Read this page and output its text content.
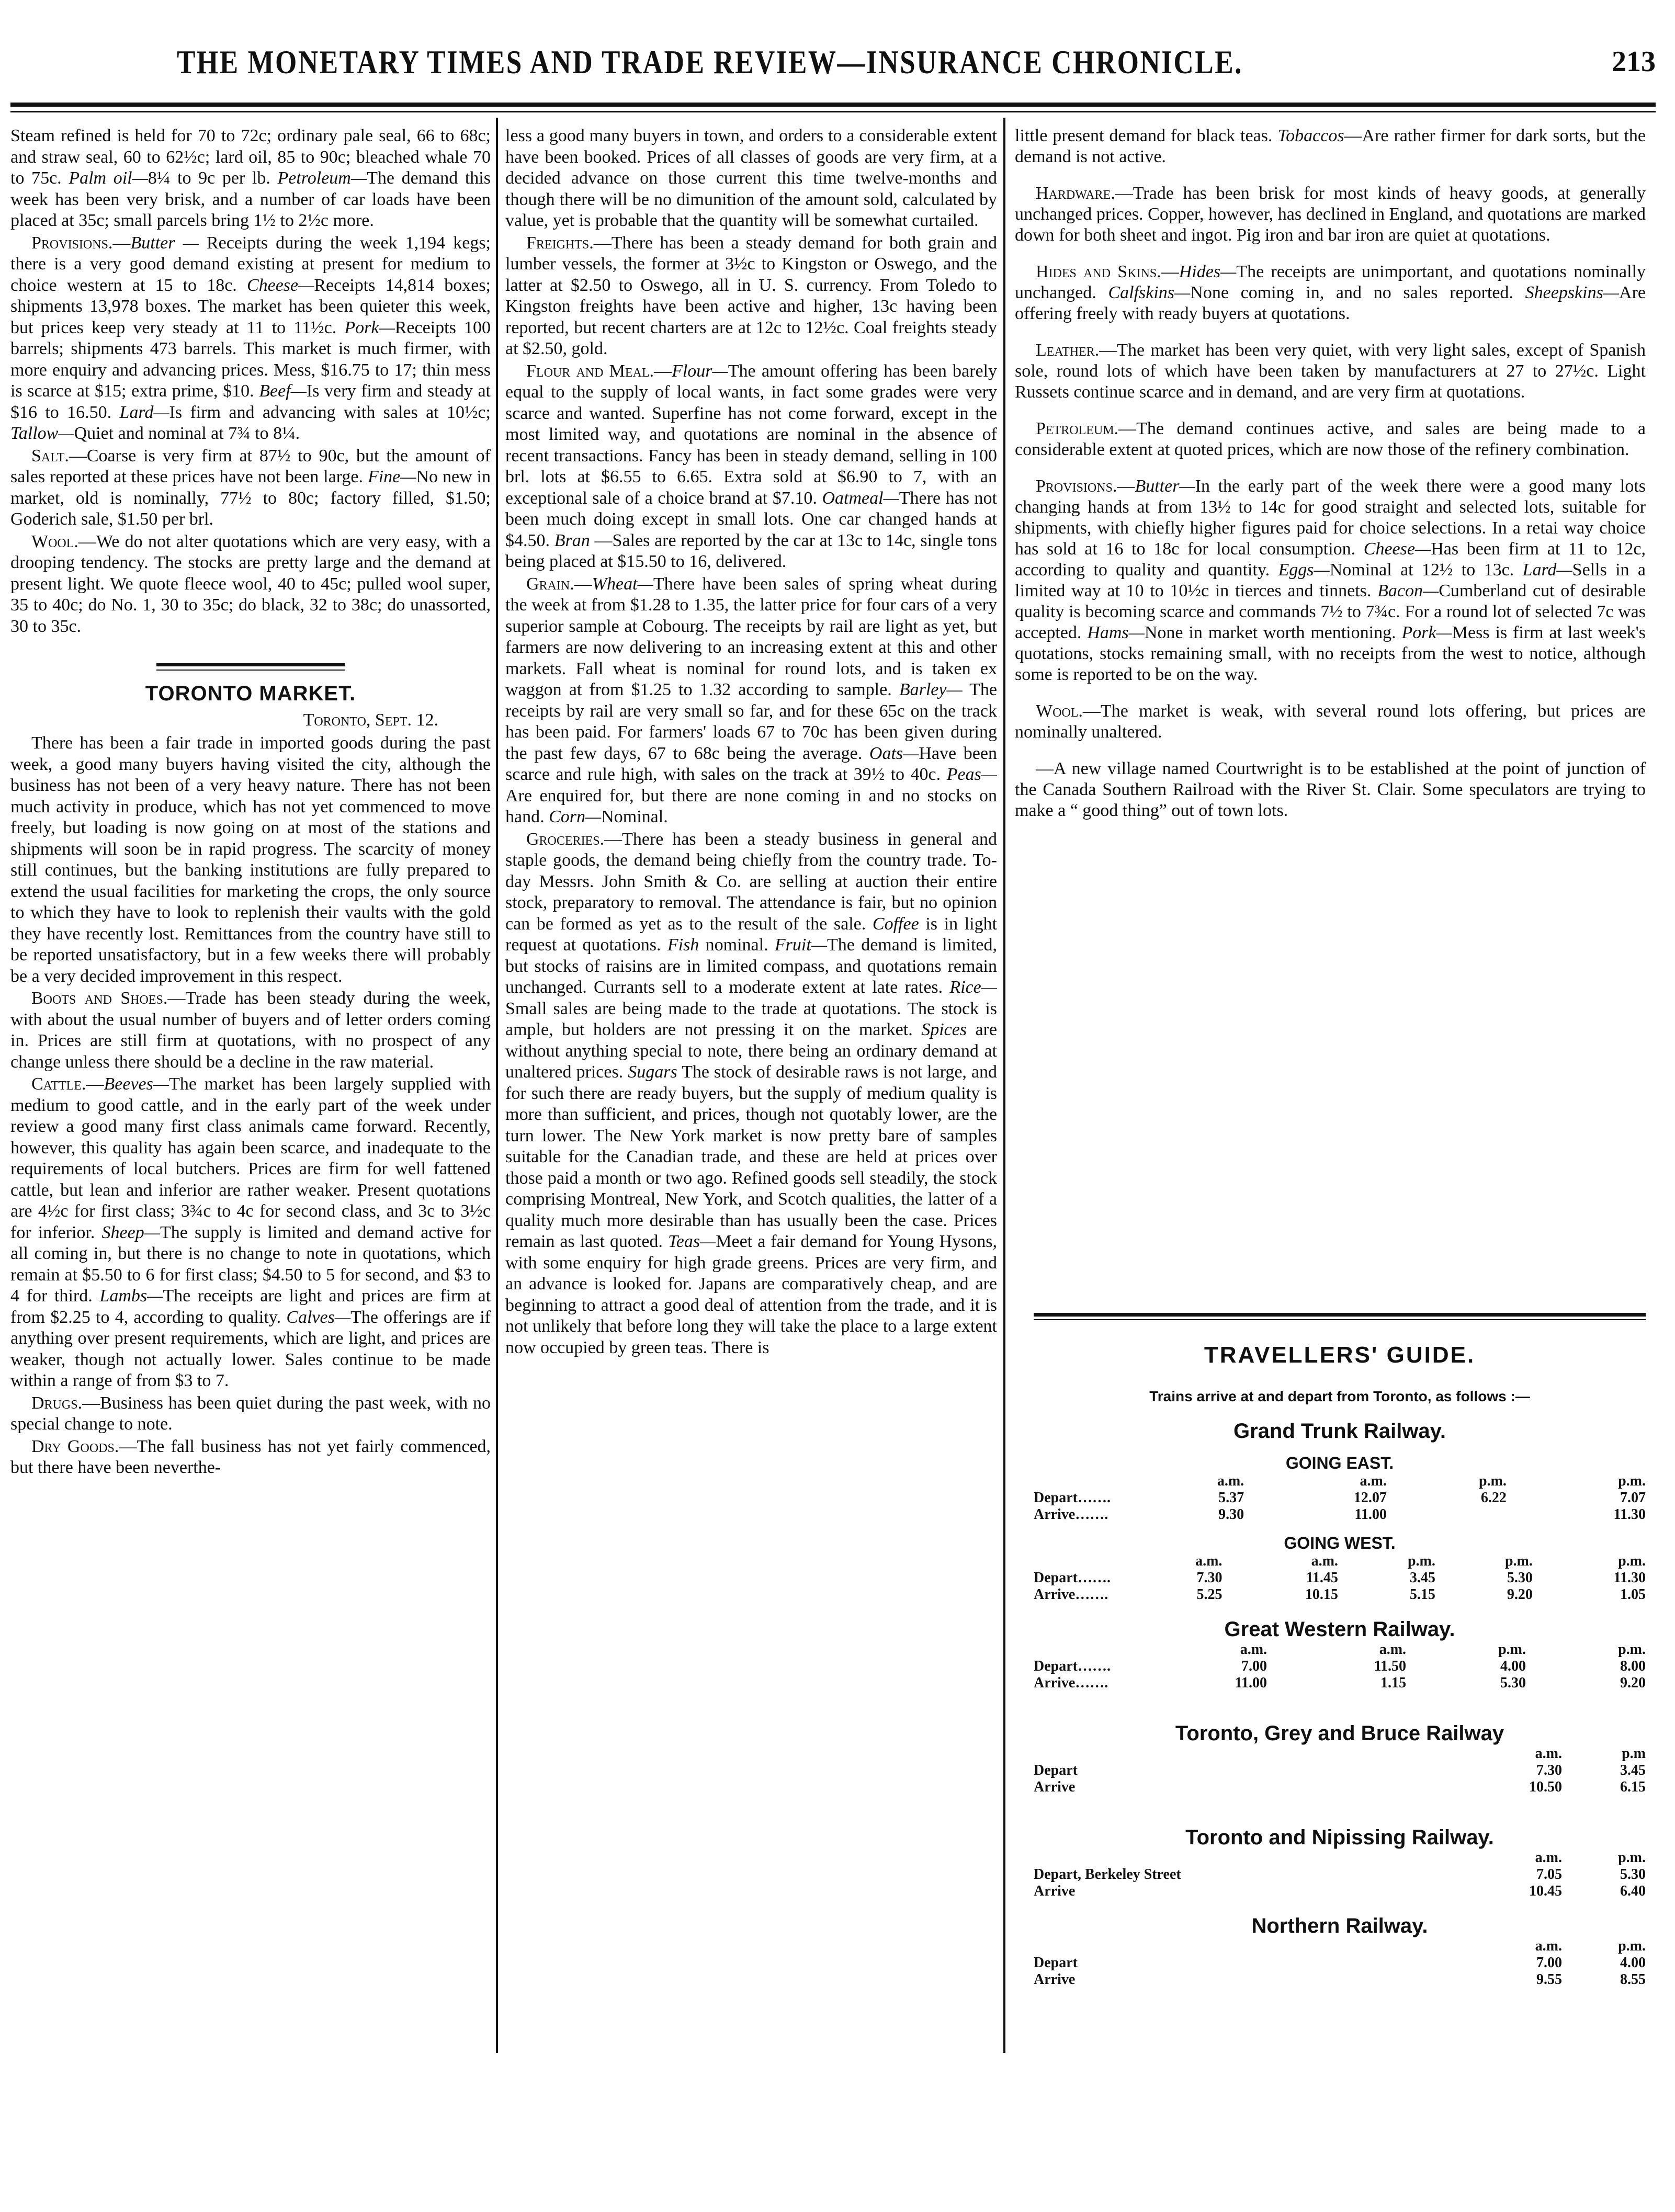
THE MONETARY TIMES AND TRADE REVIEW—INSURANCE CHRONICLE.	213

Steam refined is held for 70 to 72c; ordinary pale seal, 66 to 68c; and straw seal, 60 to 62½c; lard oil, 85 to 90c; bleached whale 70 to 75c. Palm oil—8¼ to 9c per lb. Petroleum—The demand this week has been very brisk, and a number of car loads have been placed at 35c; small parcels bring 1½ to 2½c more.

Provisions.—Butter — Receipts during the week 1,194 kegs; there is a very good demand existing at present for medium to choice western at 15 to 18c. Cheese—Receipts 14,814 boxes; shipments 13,978 boxes. The market has been quieter this week, but prices keep very steady at 11 to 11½c. Pork—Receipts 100 barrels; shipments 473 barrels. This market is much firmer, with more enquiry and advancing prices. Mess, $16.75 to 17; thin mess is scarce at $15; extra prime, $10. Beef—Is very firm and steady at $16 to 16.50. Lard—Is firm and advancing with sales at 10½c; Tallow—Quiet and nominal at 7¾ to 8¼.

Salt.—Coarse is very firm at 87½ to 90c, but the amount of sales reported at these prices have not been large. Fine—No new in market, old is nominally, 77½ to 80c; factory filled, $1.50; Goderich sale, $1.50 per brl.

Wool.—We do not alter quotations which are very easy, with a drooping tendency. The stocks are pretty large and the demand at present light. We quote fleece wool, 40 to 45c; pulled wool super, 35 to 40c; do No. 1, 30 to 35c; do black, 32 to 38c; do unassorted, 30 to 35c.

TORONTO MARKET.
Toronto, Sept. 12.

There has been a fair trade in imported goods during the past week, a good many buyers having visited the city, although the business has not been of a very heavy nature. There has not been much activity in produce, which has not yet commenced to move freely, but loading is now going on at most of the stations and shipments will soon be in rapid progress. The scarcity of money still continues, but the banking institutions are fully prepared to extend the usual facilities for marketing the crops, the only source to which they have to look to replenish their vaults with the gold they have recently lost. Remittances from the country have still to be reported unsatisfactory, but in a few weeks there will probably be a very decided improvement in this respect.

Boots and Shoes.—Trade has been steady during the week, with about the usual number of buyers and of letter orders coming in. Prices are still firm at quotations, with no prospect of any change unless there should be a decline in the raw material.

Cattle.—Beeves—The market has been largely supplied with medium to good cattle, and in the early part of the week under review a good many first class animals came forward. Recently, however, this quality has again been scarce, and inadequate to the requirements of local butchers. Prices are firm for well fattened cattle, but lean and inferior are rather weaker. Present quotations are 4½c for first class; 3¾c to 4c for second class, and 3c to 3½c for inferior. Sheep—The supply is limited and demand active for all coming in, but there is no change to note in quotations, which remain at $5.50 to 6 for first class; $4.50 to 5 for second, and $3 to 4 for third. Lambs—The receipts are light and prices are firm at from $2.25 to 4, according to quality. Calves—The offerings are if anything over present requirements, which are light, and prices are weaker, though not actually lower. Sales continue to be made within a range of from $3 to 7.

Drugs.—Business has been quiet during the past week, with no special change to note.

Dry Goods.—The fall business has not yet fairly commenced, but there have been neverthe-

less a good many buyers in town, and orders to a considerable extent have been booked. Prices of all classes of goods are very firm, at a decided advance on those current this time twelve-months and though there will be no dimunition of the amount sold, calculated by value, yet is probable that the quantity will be somewhat curtailed.

Freights.—There has been a steady demand for both grain and lumber vessels, the former at 3½c to Kingston or Oswego, and the latter at $2.50 to Oswego, all in U. S. currency. From Toledo to Kingston freights have been active and higher, 13c having been reported, but recent charters are at 12c to 12½c. Coal freights steady at $2.50, gold.

Flour and Meal.—Flour—The amount offering has been barely equal to the supply of local wants, in fact some grades were very scarce and wanted. Superfine has not come forward, except in the most limited way, and quotations are nominal in the absence of recent transactions. Fancy has been in steady demand, selling in 100 brl. lots at $6.55 to 6.65. Extra sold at $6.90 to 7, with an exceptional sale of a choice brand at $7.10. Oatmeal—There has not been much doing except in small lots. One car changed hands at $4.50. Bran —Sales are reported by the car at 13c to 14c, single tons being placed at $15.50 to 16, delivered.

Grain.—Wheat—There have been sales of spring wheat during the week at from $1.28 to 1.35, the latter price for four cars of a very superior sample at Cobourg. The receipts by rail are light as yet, but farmers are now delivering to an increasing extent at this and other markets. Fall wheat is nominal for round lots, and is taken ex waggon at from $1.25 to 1.32 according to sample. Barley— The receipts by rail are very small so far, and for these 65c on the track has been paid. For farmers' loads 67 to 70c has been given during the past few days, 67 to 68c being the average. Oats—Have been scarce and rule high, with sales on the track at 39½ to 40c. Peas—Are enquired for, but there are none coming in and no stocks on hand. Corn—Nominal.

Groceries.—There has been a steady business in general and staple goods, the demand being chiefly from the country trade. To-day Messrs. John Smith & Co. are selling at auction their entire stock, preparatory to removal. The attendance is fair, but no opinion can be formed as yet as to the result of the sale. Coffee is in light request at quotations. Fish nominal. Fruit—The demand is limited, but stocks of raisins are in limited compass, and quotations remain unchanged. Currants sell to a moderate extent at late rates. Rice—Small sales are being made to the trade at quotations. The stock is ample, but holders are not pressing it on the market. Spices are without anything special to note, there being an ordinary demand at unaltered prices. Sugars The stock of desirable raws is not large, and for such there are ready buyers, but the supply of medium quality is more than sufficient, and prices, though not quotably lower, are the turn lower. The New York market is now pretty bare of samples suitable for the Canadian trade, and these are held at prices over those paid a month or two ago. Refined goods sell steadily, the stock comprising Montreal, New York, and Scotch qualities, the latter of a quality much more desirable than has usually been the case. Prices remain as last quoted. Teas—Meet a fair demand for Young Hysons, with some enquiry for high grade greens. Prices are very firm, and an advance is looked for. Japans are comparatively cheap, and are beginning to attract a good deal of attention from the trade, and it is not unlikely that before long they will take the place to a large extent now occupied by green teas. There is

little present demand for black teas. Tobaccos—Are rather firmer for dark sorts, but the demand is not active.

Hardware.—Trade has been brisk for most kinds of heavy goods, at generally unchanged prices. Copper, however, has declined in England, and quotations are marked down for both sheet and ingot. Pig iron and bar iron are quiet at quotations.

Hides and Skins.—Hides—The receipts are unimportant, and quotations nominally unchanged. Calfskins—None coming in, and no sales reported. Sheepskins—Are offering freely with ready buyers at quotations.

Leather.—The market has been very quiet, with very light sales, except of Spanish sole, round lots of which have been taken by manufacturers at 27 to 27½c. Light Russets continue scarce and in demand, and are very firm at quotations.

Petroleum.—The demand continues active, and sales are being made to a considerable extent at quoted prices, which are now those of the refinery combination.

Provisions.—Butter—In the early part of the week there were a good many lots changing hands at from 13½ to 14c for good straight and selected lots, suitable for shipments, with chiefly higher figures paid for choice selections. In a retai way choice has sold at 16 to 18c for local consumption. Cheese—Has been firm at 11 to 12c, according to quality and quantity. Eggs—Nominal at 12½ to 13c. Lard—Sells in a limited way at 10 to 10½c in tierces and tinnets. Bacon—Cumberland cut of desirable quality is becoming scarce and commands 7½ to 7¾c. For a round lot of selected 7c was accepted. Hams—None in market worth mentioning. Pork—Mess is firm at last week's quotations, stocks remaining small, with no receipts from the west to notice, although some is reported to be on the way.

Wool.—The market is weak, with several round lots offering, but prices are nominally unaltered.

—A new village named Courtwright is to be established at the point of junction of the Canada Southern Railroad with the River St. Clair. Some speculators are trying to make a “ good thing” out of town lots.

TRAVELLERS' GUIDE.
Trains arrive at and depart from Toronto, as follows :—
Grand Trunk Railway.
GOING EAST.
	a.m.	a.m.	p.m.	p.m.
Depart…….	5.37	12.07	6.22	7.07
Arrive…….	9.30	11.00		11.30
GOING WEST.
	a.m.	a.m.	p.m.	p.m.	p.m.
Depart…….	7.30	11.45	3.45	5.30	11.30
Arrive…….	5.25	10.15	5.15	9.20	1.05
Great Western Railway.
	a.m.	a.m.	p.m.	p.m.
Depart…….	7.00	11.50	4.00	8.00
Arrive…….	11.00	1.15	5.30	9.20
Toronto, Grey and Bruce Railway
	a.m.	p.m
Depart	7.30	3.45
Arrive	10.50	6.15
Toronto and Nipissing Railway.
	a.m.	p.m.
Depart, Berkeley Street	7.05	5.30
Arrive	10.45	6.40
Northern Railway.
	a.m.	p.m.
Depart	7.00	4.00
Arrive	9.55	8.55
